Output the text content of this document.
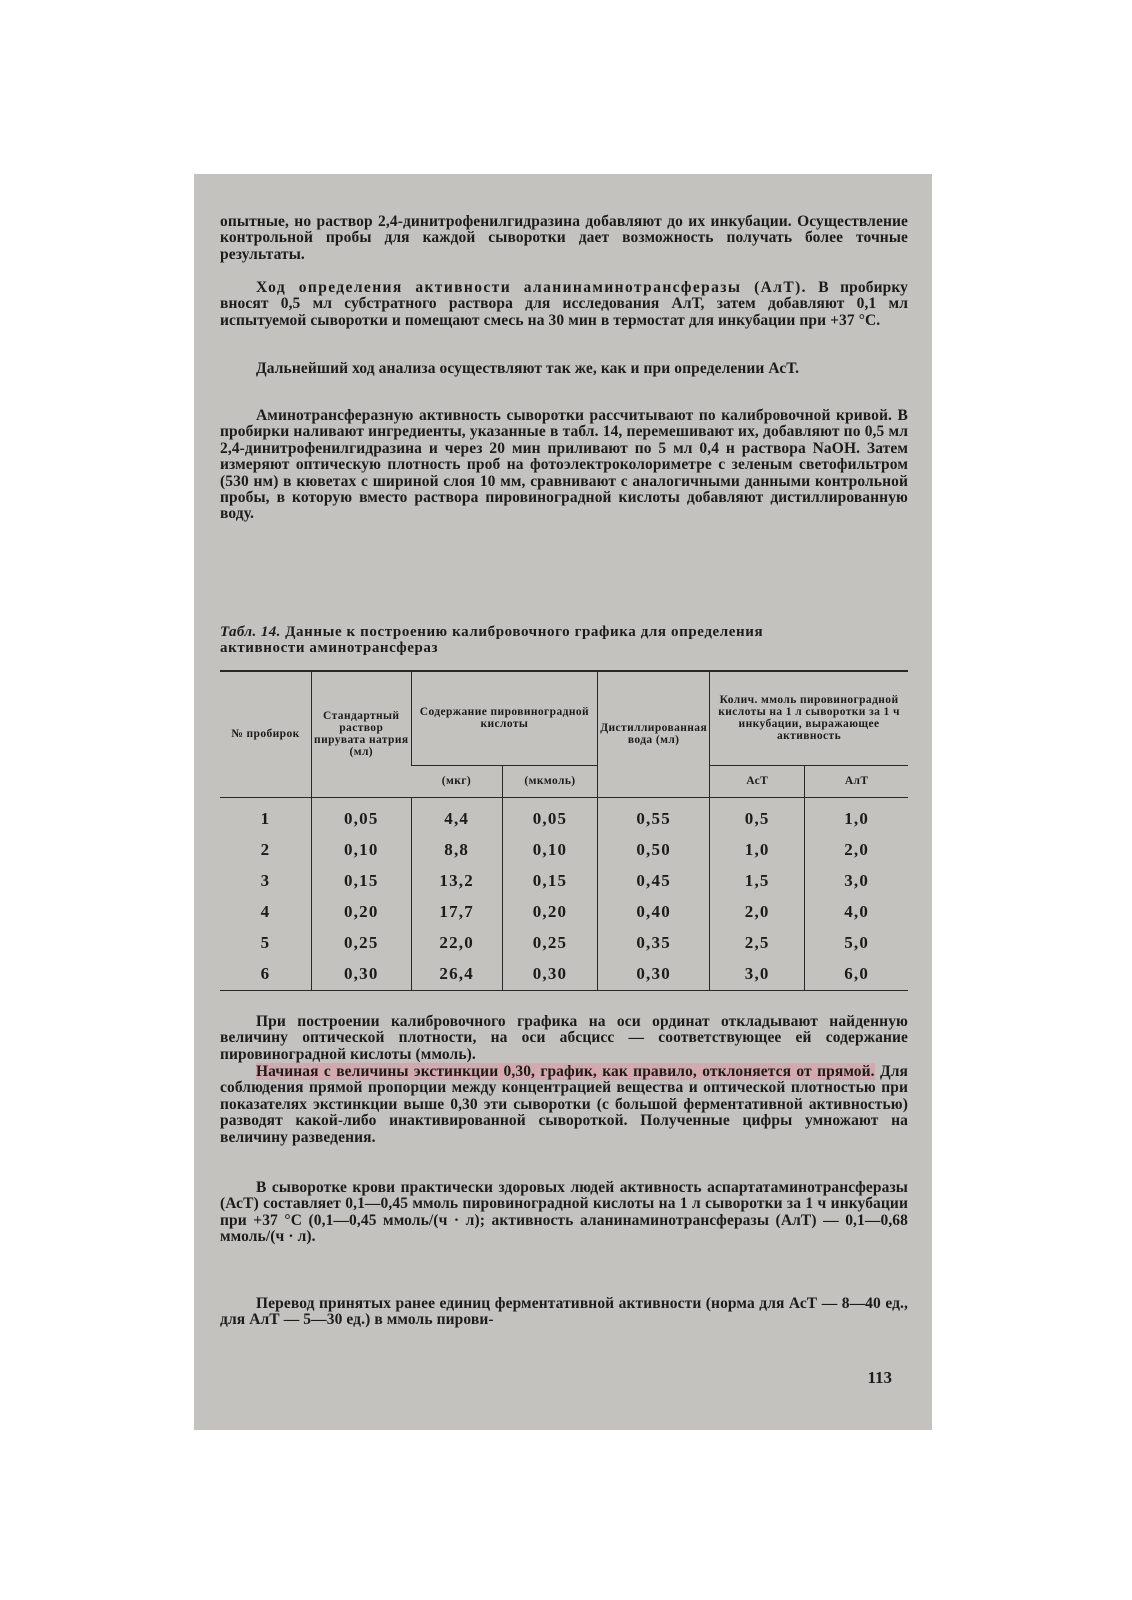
опытные, но раствор 2,4-динитрофенилгидразина добавляют до их инкубации. Осуществление контрольной пробы для каждой сыворотки дает возможность получать более точные результаты.

Ход определения активности аланинаминотрансферазы (АлТ). В пробирку вносят 0,5 мл субстратного раствора для исследования АлТ, затем добавляют 0,1 мл испытуемой сыворотки и помещают смесь на 30 мин в термостат для инкубации при +37 °С.

Дальнейший ход анализа осуществляют так же, как и при определении АсТ.

Аминотрансферазную активность сыворотки рассчитывают по калибровочной кривой. В пробирки наливают ингредиенты, указанные в табл. 14, перемешивают их, добавляют по 0,5 мл 2,4-динитрофенилгидразина и через 20 мин приливают по 5 мл 0,4 н раствора NaOH. Затем измеряют оптическую плотность проб на фотоэлектроколориметре с зеленым светофильтром (530 нм) в кюветах с шириной слоя 10 мм, сравнивают с аналогичными данными контрольной пробы, в которую вместо раствора пировиноградной кислоты добавляют дистиллированную воду.

Табл. 14. Данные к построению калибровочного графика для определения активности аминотрансфераз

№ пробирок	Стандартный раствор пирувата натрия (мл)	Содержание пировиноградной кислоты		Дистиллированная вода (мл)	Колич. ммоль пировиноградной кислоты на 1 л сыворотки за 1 ч инкубации, выражающее активность	
		(мкг)	(мкмоль)		АсТ	АлТ
1	0,05	4,4	0,05	0,55	0,5	1,0
2	0,10	8,8	0,10	0,50	1,0	2,0
3	0,15	13,2	0,15	0,45	1,5	3,0
4	0,20	17,7	0,20	0,40	2,0	4,0
5	0,25	22,0	0,25	0,35	2,5	5,0
6	0,30	26,4	0,30	0,30	3,0	6,0

При построении калибровочного графика на оси ординат откладывают найденную величину оптической плотности, на оси абсцисс — соответствующее ей содержание пировиноградной кислоты (ммоль).

Начиная с величины экстинкции 0,30, график, как правило, отклоняется от прямой. Для соблюдения прямой пропорции между концентрацией вещества и оптической плотностью при показателях экстинкции выше 0,30 эти сыворотки (с большой ферментативной активностью) разводят какой-либо инактивированной сывороткой. Полученные цифры умножают на величину разведения.

В сыворотке крови практически здоровых людей активность аспартатаминотрансферазы (АсТ) составляет 0,1—0,45 ммоль пировиноградной кислоты на 1 л сыворотки за 1 ч инкубации при +37 °С (0,1—0,45 ммоль/(ч · л); активность аланинаминотрансферазы (АлТ) — 0,1—0,68 ммоль/(ч · л).

Перевод принятых ранее единиц ферментативной активности (норма для АсТ — 8—40 ед., для АлТ — 5—30 ед.) в ммоль пирови-

113
